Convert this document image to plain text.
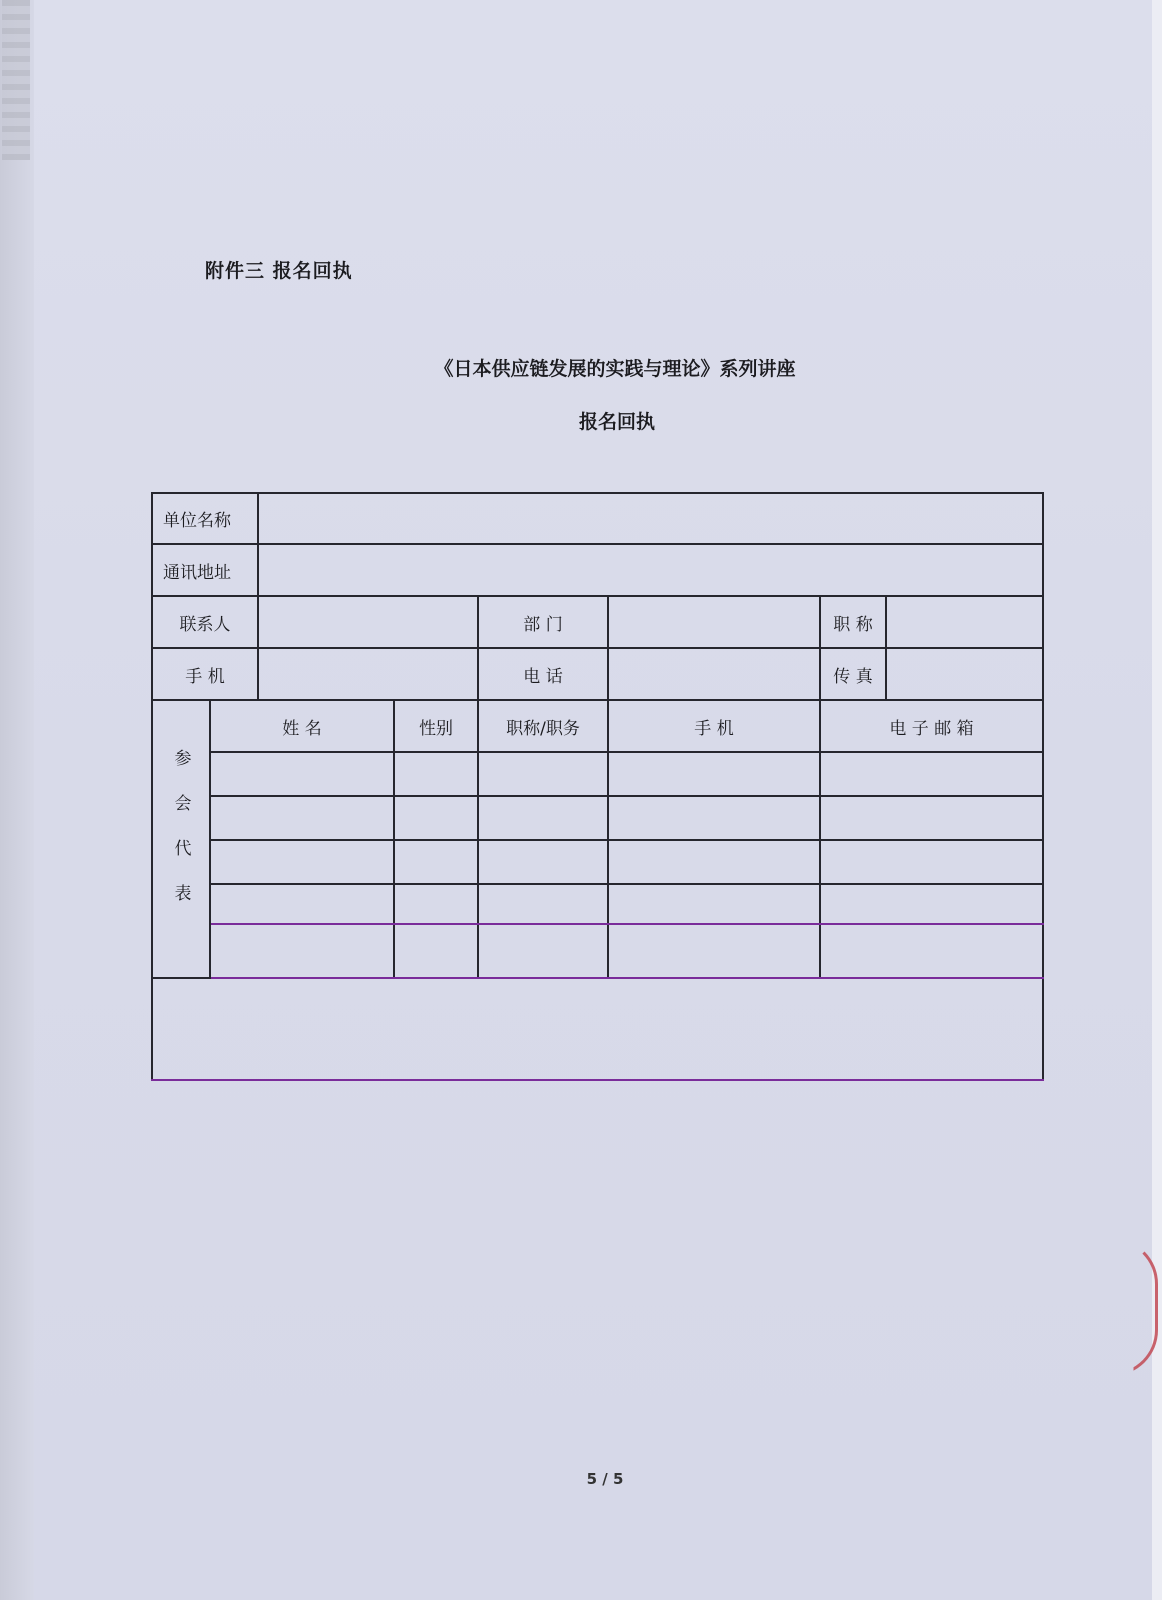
附件三 报名回执
《日本供应链发展的实践与理论》系列讲座
报名回执
单位名称							
通讯地址							
联系人				部 门		职 称	
手 机				电 话		传 真	

参会代表	姓 名		性别	职称/职务	手 机	电 子 邮 箱	

5 / 5
